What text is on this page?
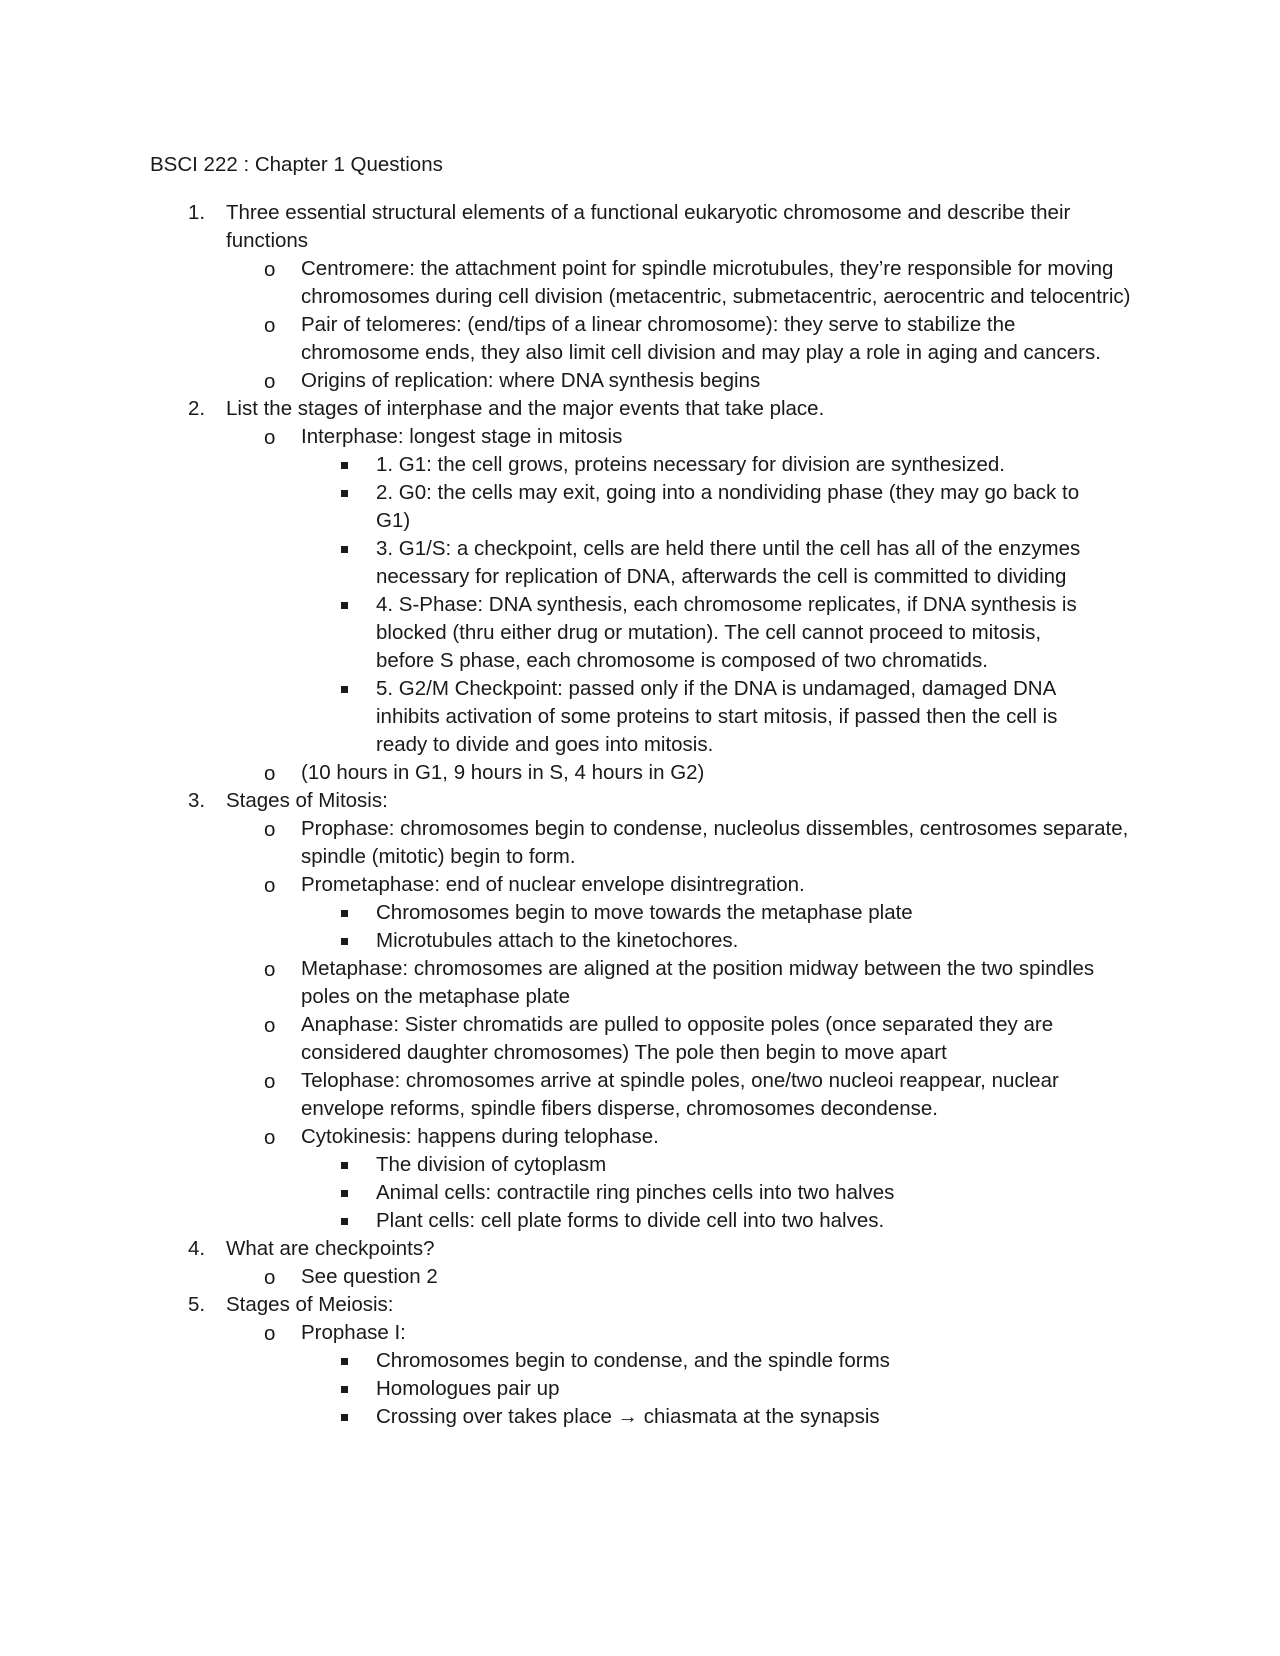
BSCI 222 : Chapter 1 Questions
1. Three essential structural elements of a functional eukaryotic chromosome and describe their functions
o Centromere: the attachment point for spindle microtubules, they’re responsible for moving chromosomes during cell division (metacentric, submetacentric, aerocentric and telocentric)
o Pair of telomeres: (end/tips of a linear chromosome): they serve to stabilize the chromosome ends, they also limit cell division and may play a role in aging and cancers.
o Origins of replication: where DNA synthesis begins
2. List the stages of interphase and the major events that take place.
o Interphase: longest stage in mitosis
1. G1: the cell grows, proteins necessary for division are synthesized.
2. G0: the cells may exit, going into a nondividing phase (they may go back to G1)
3. G1/S: a checkpoint, cells are held there until the cell has all of the enzymes necessary for replication of DNA, afterwards the cell is committed to dividing
4. S-Phase: DNA synthesis, each chromosome replicates, if DNA synthesis is blocked (thru either drug or mutation). The cell cannot proceed to mitosis, before S phase, each chromosome is composed of two chromatids.
5. G2/M Checkpoint: passed only if the DNA is undamaged, damaged DNA inhibits activation of some proteins to start mitosis, if passed then the cell is ready to divide and goes into mitosis.
o (10 hours in G1, 9 hours in S, 4 hours in G2)
3. Stages of Mitosis:
o Prophase: chromosomes begin to condense, nucleolus dissembles, centrosomes separate, spindle (mitotic) begin to form.
o Prometaphase: end of nuclear envelope disintregration.
Chromosomes begin to move towards the metaphase plate
Microtubules attach to the kinetochores.
o Metaphase: chromosomes are aligned at the position midway between the two spindles poles on the metaphase plate
o Anaphase: Sister chromatids are pulled to opposite poles (once separated they are considered daughter chromosomes) The pole then begin to move apart
o Telophase: chromosomes arrive at spindle poles, one/two nucleoi reappear, nuclear envelope reforms, spindle fibers disperse, chromosomes decondense.
o Cytokinesis: happens during telophase.
The division of cytoplasm
Animal cells: contractile ring pinches cells into two halves
Plant cells: cell plate forms to divide cell into two halves.
4. What are checkpoints?
o See question 2
5. Stages of Meiosis:
o Prophase I:
Chromosomes begin to condense, and the spindle forms
Homologues pair up
Crossing over takes place → chiasmata at the synapsis
